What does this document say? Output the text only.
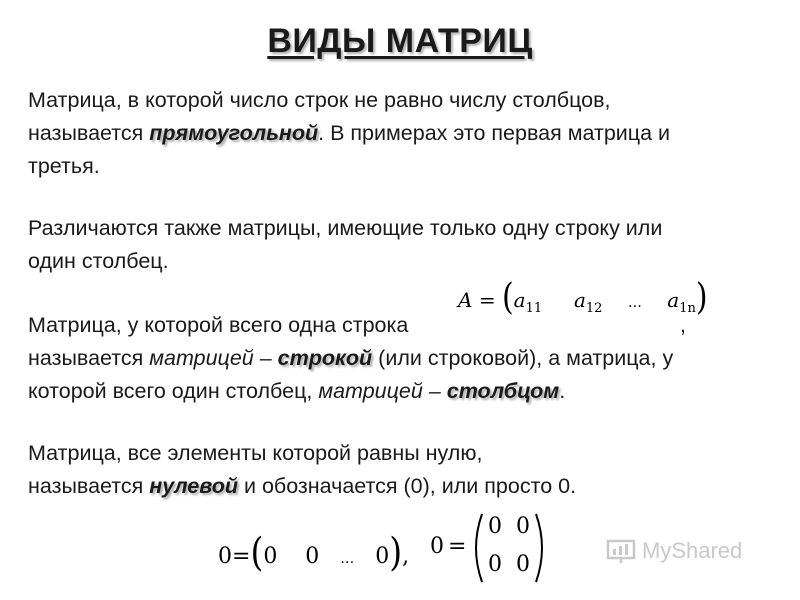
ВИДЫ МАТРИЦ
Матрица, в которой число строк не равно числу столбцов,
называется прямоугольной. В примерах это первая матрица и
третья.
Различаются также матрицы, имеющие только одну строку или
один столбец.
$A = (a_{11}$ $a_{12}$ … $a_{1n}$)
Матрица, у которой всего одна строка	,
называется матрицей – строкой (или строковой), а матрица, у
которой всего один столбец, матрицей – столбцом.
Матрица, все элементы которой равны нулю,
называется нулевой и обозначается (0), или просто 0.
0=(0 0 … 0), 0 =
0 0
0 0
MyShared
